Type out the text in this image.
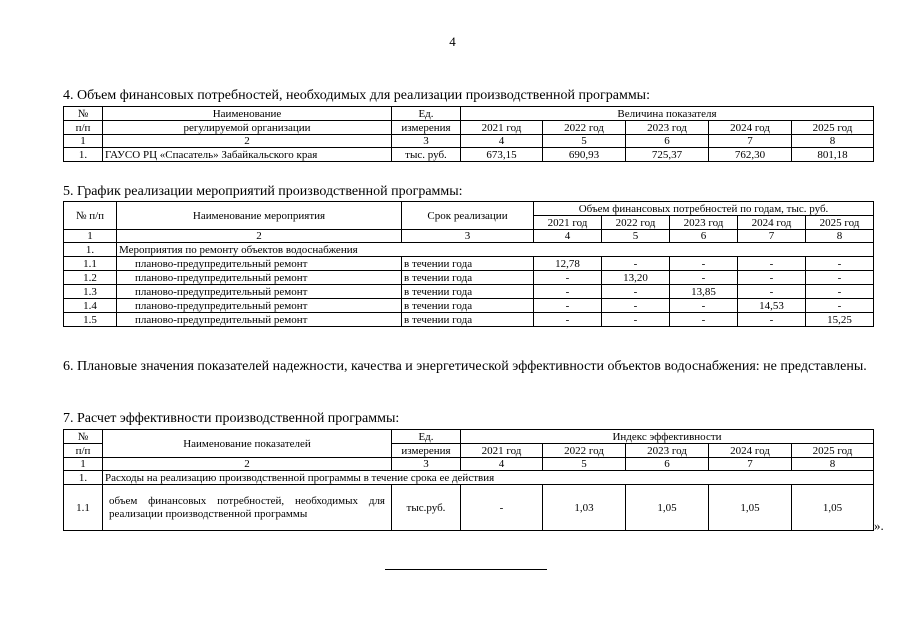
4
4. Объем финансовых потребностей, необходимых для реализации производственной программы:
№	Наименование	Ед.	Величина показателя				
п/п	регулируемой организации	измерения	2021 год	2022 год	2023 год	2024 год	2025 год
1	2	3	4	5	6	7	8
1.	ГАУСО РЦ «Спасатель» Забайкальского края	тыс. руб.	673,15	690,93	725,37	762,30	801,18
5. График реализации мероприятий производственной программы:
№ п/п	Наименование мероприятия	Срок реализации	Объем финансовых потребностей по годам, тыс. руб.				
			2021 год	2022 год	2023 год	2024 год	2025 год
1	2	3	4	5	6	7	8
1.	Мероприятия по ремонту объектов водоснабжения						
1.1	планово-предупредительный ремонт	в течении года	12,78	-	-	-	-
1.2	планово-предупредительный ремонт	в течении года	-	13,20	-	-	-
1.3	планово-предупредительный ремонт	в течении года	-	-	13,85	-	-
1.4	планово-предупредительный ремонт	в течении года	-	-	-	14,53	-
1.5	планово-предупредительный ремонт	в течении года	-	-	-	-	15,25
6. Плановые значения показателей надежности, качества и энергетической эффективности объектов водоснабжения: не представлены.
7. Расчет эффективности производственной программы:
№	Наименование показателей	Ед.	Индекс эффективности				
п/п		измерения	2021 год	2022 год	2023 год	2024 год	2025 год
1	2	3	4	5	6	7	8
1.	Расходы на реализацию производственной программы в течение срока ее действия						
1.1	объем финансовых потребностей, необходимых для реализации производственной программы	тыс.руб.	-	1,03	1,05	1,05	1,05
».
